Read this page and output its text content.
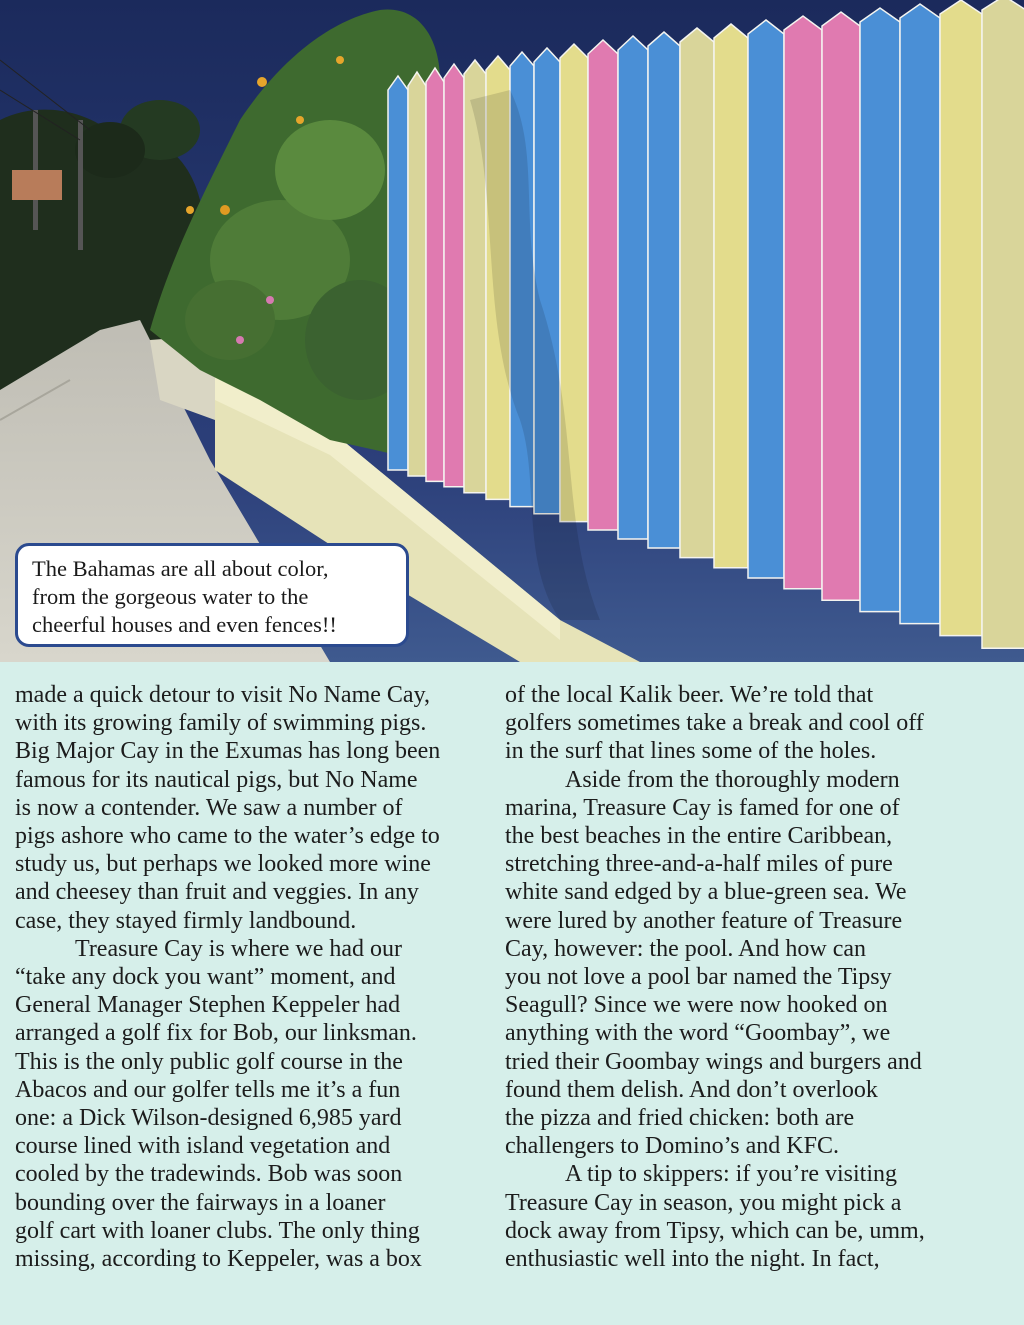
The Bahamas are all about color,
from the gorgeous water to the
cheerful houses and even fences!!
made a quick detour to visit No Name Cay,
with its growing family of swimming pigs.
Big Major Cay in the Exumas has long been
famous for its nautical pigs, but No Name
is now a contender. We saw a number of
pigs ashore who came to the water’s edge to
study us, but perhaps we looked more wine
and cheesey than fruit and veggies. In any
case, they stayed firmly landbound.
Treasure Cay is where we had our
“take any dock you want” moment, and
General Manager Stephen Keppeler had
arranged a golf fix for Bob, our linksman.
This is the only public golf course in the
Abacos and our golfer tells me it’s a fun
one: a Dick Wilson-designed 6,985 yard
course lined with island vegetation and
cooled by the tradewinds. Bob was soon
bounding over the fairways in a loaner
golf cart with loaner clubs. The only thing
missing, according to Keppeler, was a box
of the local Kalik beer. We’re told that
golfers sometimes take a break and cool off
in the surf that lines some of the holes.
Aside from the thoroughly modern
marina, Treasure Cay is famed for one of
the best beaches in the entire Caribbean,
stretching three-and-a-half miles of pure
white sand edged by a blue-green sea. We
were lured by another feature of Treasure
Cay, however: the pool. And how can
you not love a pool bar named the Tipsy
Seagull? Since we were now hooked on
anything with the word “Goombay”, we
tried their Goombay wings and burgers and
found them delish. And don’t overlook
the pizza and fried chicken: both are
challengers to Domino’s and KFC.
A tip to skippers: if you’re visiting
Treasure Cay in season, you might pick a
dock away from Tipsy, which can be, umm,
enthusiastic well into the night. In fact,
